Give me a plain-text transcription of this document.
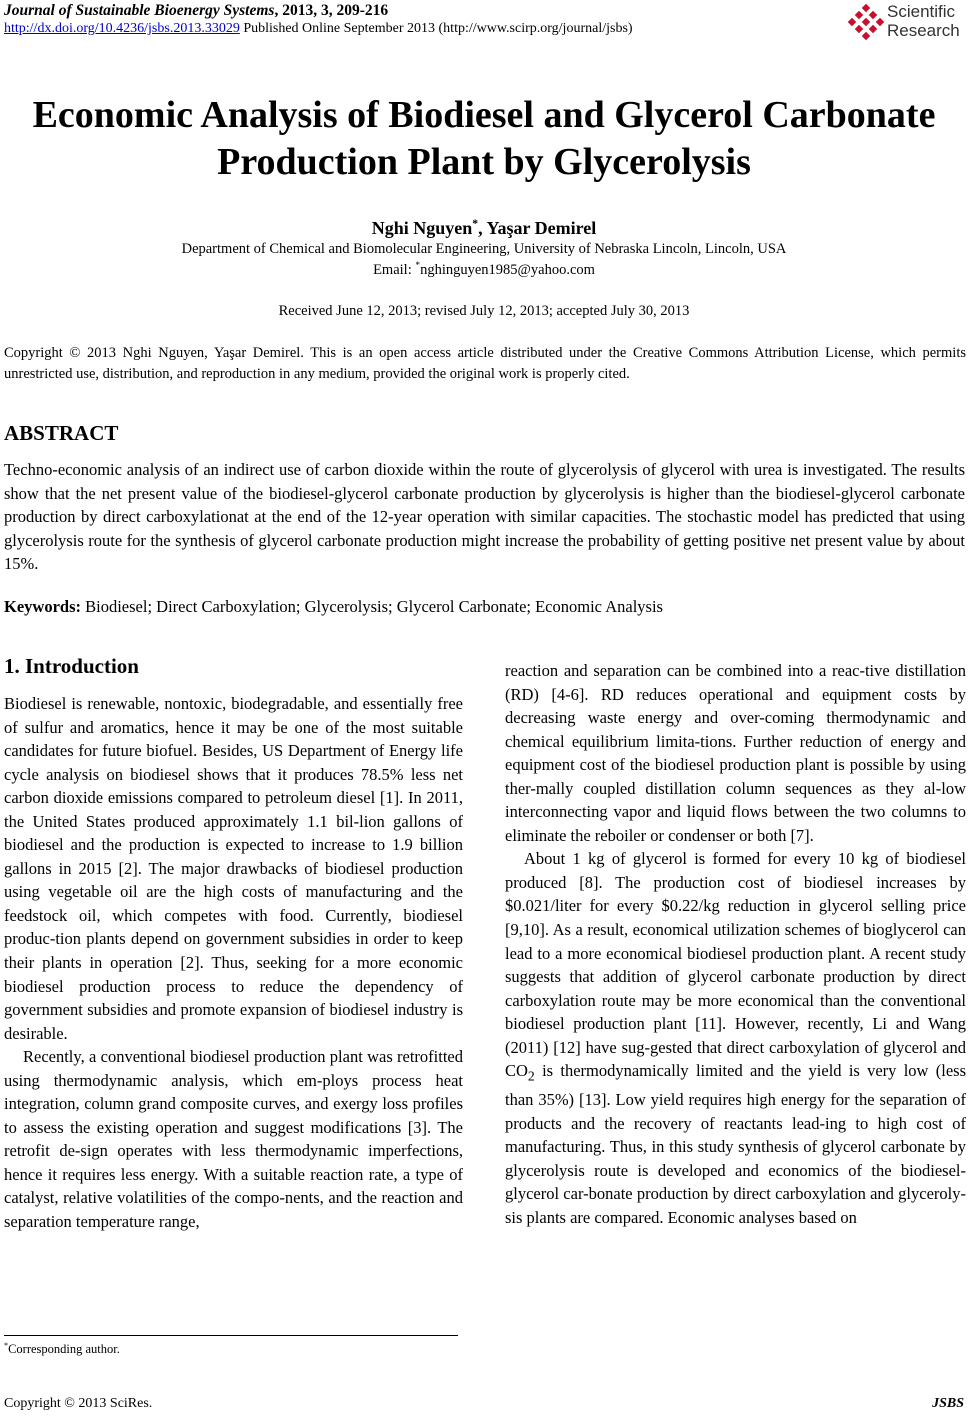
Journal of Sustainable Bioenergy Systems, 2013, 3, 209-216
http://dx.doi.org/10.4236/jsbs.2013.33029 Published Online September 2013 (http://www.scirp.org/journal/jsbs)
Scientific
Research
Economic Analysis of Biodiesel and Glycerol Carbonate
Production Plant by Glycerolysis
Nghi Nguyen*, Yaşar Demirel
Department of Chemical and Biomolecular Engineering, University of Nebraska Lincoln, Lincoln, USA
Email: *nghinguyen1985@yahoo.com
Received June 12, 2013; revised July 12, 2013; accepted July 30, 2013
Copyright © 2013 Nghi Nguyen, Yaşar Demirel. This is an open access article distributed under the Creative Commons Attribution License, which permits unrestricted use, distribution, and reproduction in any medium, provided the original work is properly cited.
ABSTRACT
Techno-economic analysis of an indirect use of carbon dioxide within the route of glycerolysis of glycerol with urea is investigated. The results show that the net present value of the biodiesel-glycerol carbonate production by glycerolysis is higher than the biodiesel-glycerol carbonate production by direct carboxylationat at the end of the 12-year operation with similar capacities. The stochastic model has predicted that using glycerolysis route for the synthesis of glycerol carbonate production might increase the probability of getting positive net present value by about 15%.
Keywords: Biodiesel; Direct Carboxylation; Glycerolysis; Glycerol Carbonate; Economic Analysis
1. Introduction

Biodiesel is renewable, nontoxic, biodegradable, and essentially free of sulfur and aromatics, hence it may be one of the most suitable candidates for future biofuel. Besides, US Department of Energy life cycle analysis on biodiesel shows that it produces 78.5% less net carbon dioxide emissions compared to petroleum diesel [1]. In 2011, the United States produced approximately 1.1 bil-lion gallons of biodiesel and the production is expected to increase to 1.9 billion gallons in 2015 [2]. The major drawbacks of biodiesel production using vegetable oil are the high costs of manufacturing and the feedstock oil, which competes with food. Currently, biodiesel produc-tion plants depend on government subsidies in order to keep their plants in operation [2]. Thus, seeking for a more economic biodiesel production process to reduce the dependency of government subsidies and promote expansion of biodiesel industry is desirable.

Recently, a conventional biodiesel production plant was retrofitted using thermodynamic analysis, which em-ploys process heat integration, column grand composite curves, and exergy loss profiles to assess the existing operation and suggest modifications [3]. The retrofit de-sign operates with less thermodynamic imperfections, hence it requires less energy. With a suitable reaction rate, a type of catalyst, relative volatilities of the compo-nents, and the reaction and separation temperature range,

reaction and separation can be combined into a reac-tive distillation (RD) [4-6]. RD reduces operational and equipment costs by decreasing waste energy and over-coming thermodynamic and chemical equilibrium limita-tions. Further reduction of energy and equipment cost of the biodiesel production plant is possible by using ther-mally coupled distillation column sequences as they al-low interconnecting vapor and liquid flows between the two columns to eliminate the reboiler or condenser or both [7].

About 1 kg of glycerol is formed for every 10 kg of biodiesel produced [8]. The production cost of biodiesel increases by $0.021/liter for every $0.22/kg reduction in glycerol selling price [9,10]. As a result, economical utilization schemes of bioglycerol can lead to a more economical biodiesel production plant. A recent study suggests that addition of glycerol carbonate production by direct carboxylation route may be more economical than the conventional biodiesel production plant [11]. However, recently, Li and Wang (2011) [12] have sug-gested that direct carboxylation of glycerol and $CO_2$ is thermodynamically limited and the yield is very low (less than 35%) [13]. Low yield requires high energy for the separation of products and the recovery of reactants lead-ing to high cost of manufacturing. Thus, in this study synthesis of glycerol carbonate by glycerolysis route is developed and economics of the biodiesel-glycerol car-bonate production by direct carboxylation and glyceroly-sis plants are compared. Economic analyses based on

*Corresponding author.
Copyright © 2013 SciRes.	JSBS
